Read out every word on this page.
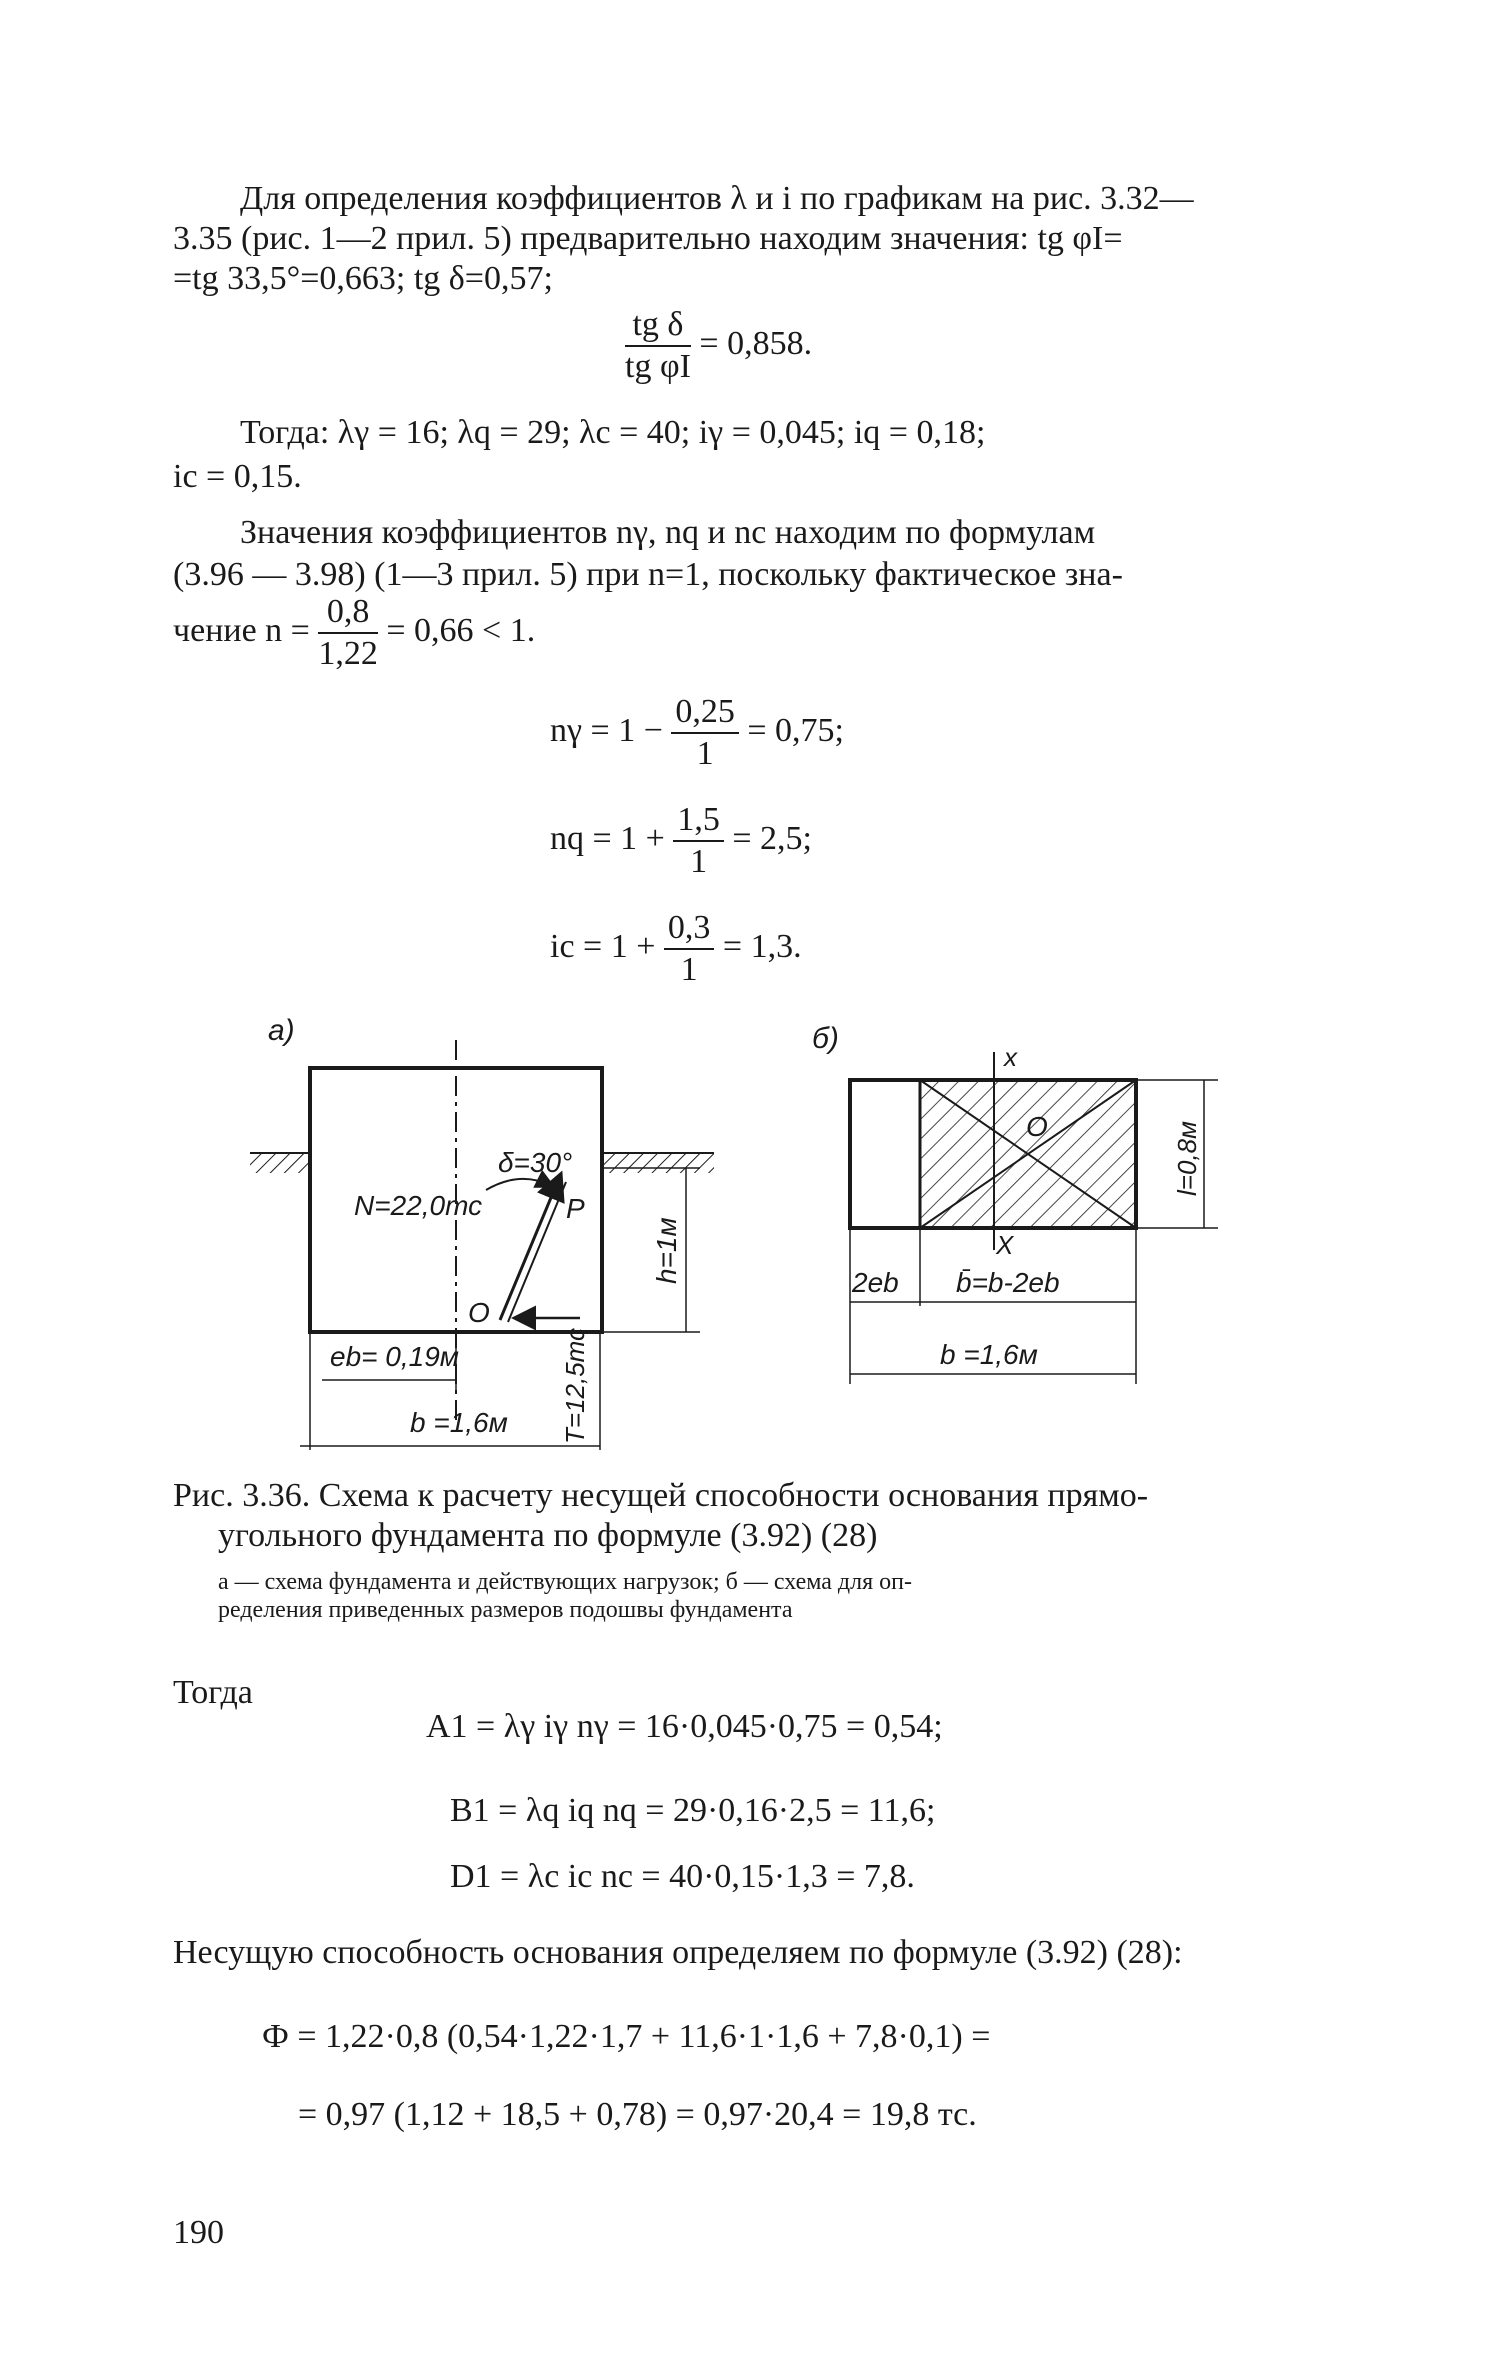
Для определения коэффициентов λ и i по графикам на рис. 3.32—
3.35 (рис. 1—2 прил. 5) предварительно находим значения: tg φI=
=tg 33,5°=0,663; tg δ=0,57;
$\frac{\text{tg δ}}{\text{tg φI}} = 0,858$.
Тогда: λγ = 16; λq = 29; λc = 40; iγ = 0,045; iq = 0,18;
ic = 0,15.
Значения коэффициентов nγ, nq и nc находим по формулам
(3.96 — 3.98) (1—3 прил. 5) при n=1, поскольку фактическое зна-
чение $n = \frac{0,8}{1,22} = 0,66 < 1$.
$n\gamma = 1 - \frac{0,25}{1} = 0,75$;
nq = $1 + \frac{1,5}{1} = 2,5$;
ic = $1 + \frac{0,3}{1} = 1,3$.
а)
δ=30°
N=22,0тс	P
O
h=1м
eb= 0,19м
b =1,6м T=12,5тс
б)
x
X
O	l=0,8м
2eb b̄=b-2eb
b =1,6м
Рис. 3.36. Схема к расчету несущей способности основания прямо-
угольного фундамента по формуле (3.92) (28)
а — схема фундамента и действующих нагрузок; б — схема для оп-
ределения приведенных размеров подошвы фундамента
Тогда
A1 = λγ iγ nγ = 16·0,045·0,75 = 0,54;
B1 = λq iq nq = 29·0,16·2,5 = 11,6;
D1 = λc ic nc = 40·0,15·1,3 = 7,8.
Несущую способность основания определяем по формуле (3.92) (28):
Ф = 1,22·0,8 (0,54·1,22·1,7 + 11,6·1·1,6 + 7,8·0,1) =
= 0,97 (1,12 + 18,5 + 0,78) = 0,97·20,4 = 19,8 тс.
190
